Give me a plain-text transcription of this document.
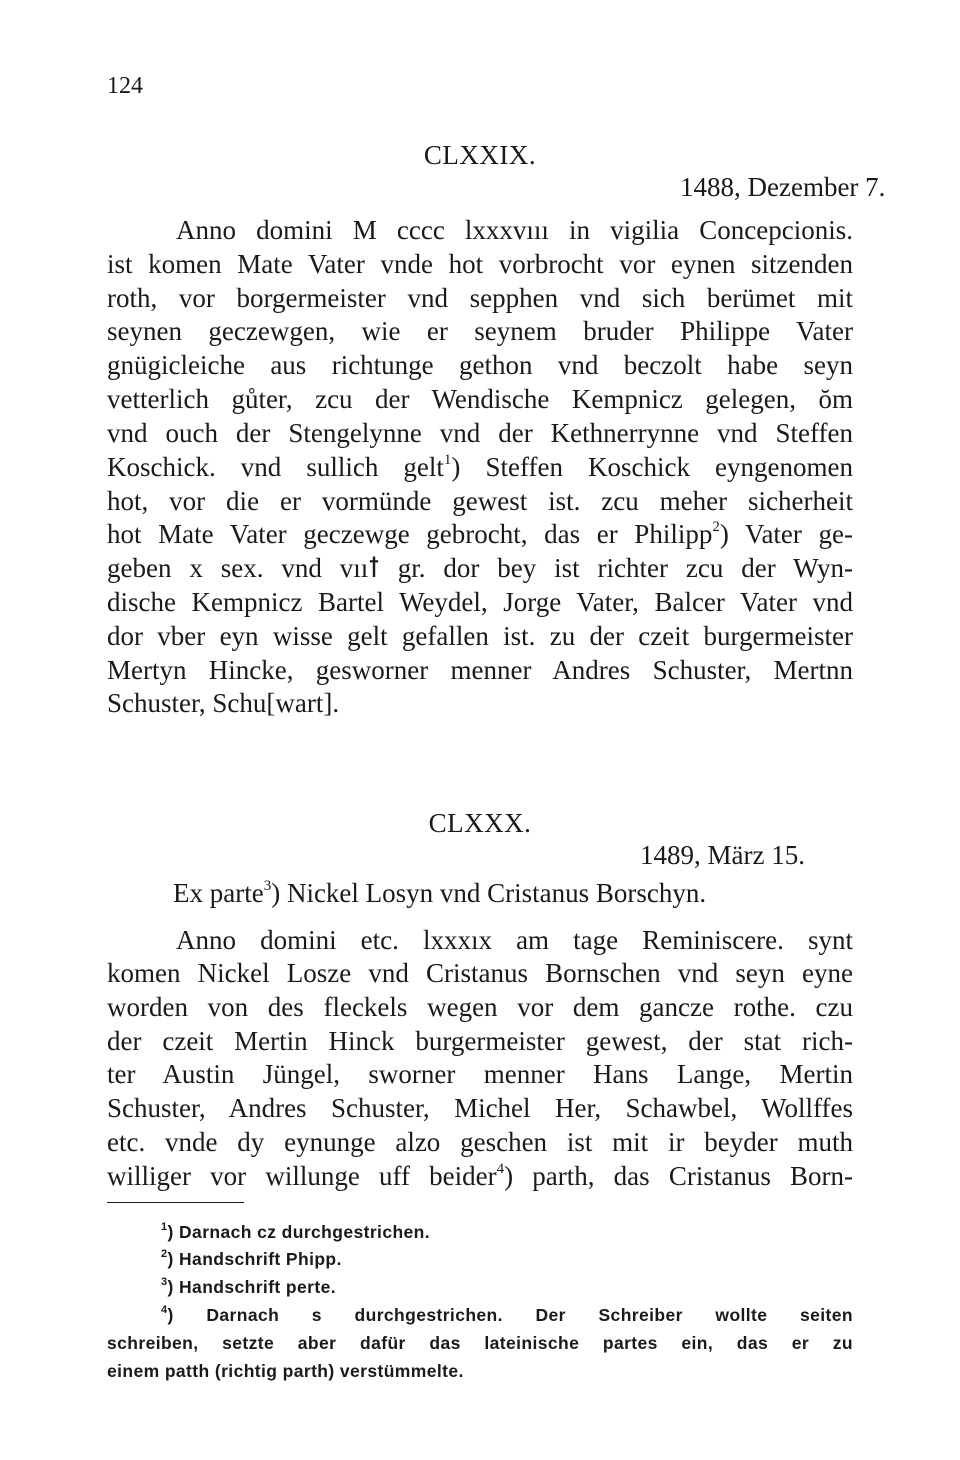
124
CLXXIX.
1488, Dezember 7.
Anno domini M cccc lxxxvııı in vigilia Concepcionis.
ist komen Mate Vater vnde hot vorbrocht vor eynen sitzenden
roth, vor borgermeister vnd sepphen vnd sich berümet mit
seynen geczewgen, wie er seynem bruder Philippe Vater
gnügicleiche aus richtunge gethon vnd beczolt habe seyn
vetterlich gůter, zcu der Wendische Kempnicz gelegen, ŏm
vnd ouch der Stengelynne vnd der Kethnerrynne vnd Steffen
Koschick. vnd sullich gelt$^1$) Steffen Koschick eyngenomen
hot, vor die er vormünde gewest ist. zcu meher sicherheit
hot Mate Vater geczewge gebrocht, das er Philipp$^2$) Vater ge-
geben x sex. vnd vııꝉ gr. dor bey ist richter zcu der Wyn-
dische Kempnicz Bartel Weydel, Jorge Vater, Balcer Vater vnd
dor vber eyn wisse gelt gefallen ist. zu der czeit burgermeister
Mertyn Hincke, gesworner menner Andres Schuster, Mertnn
Schuster, Schu[wart].
CLXXX.
1489, März 15.
Ex parte$^3$) Nickel Losyn vnd Cristanus Borschyn.
Anno domini etc. lxxxıx am tage Reminiscere. synt
komen Nickel Losze vnd Cristanus Bornschen vnd seyn eyne
worden von des fleckels wegen vor dem gancze rothe. czu
der czeit Mertin Hinck burgermeister gewest, der stat rich-
ter Austin Jüngel, sworner menner Hans Lange, Mertin
Schuster, Andres Schuster, Michel Her, Schawbel, Wollffes
etc. vnde dy eynunge alzo geschen ist mit ir beyder muth
williger vor willunge uff beider$^4$) parth, das Cristanus Born-
$^1$) Darnach cz durchgestrichen.
$^2$) Handschrift Phipp.
$^3$) Handschrift perte.
$^4$) Darnach s durchgestrichen. Der Schreiber wollte seiten
schreiben, setzte aber dafür das lateinische partes ein, das er zu
einem patth (richtig parth) verstümmelte.
